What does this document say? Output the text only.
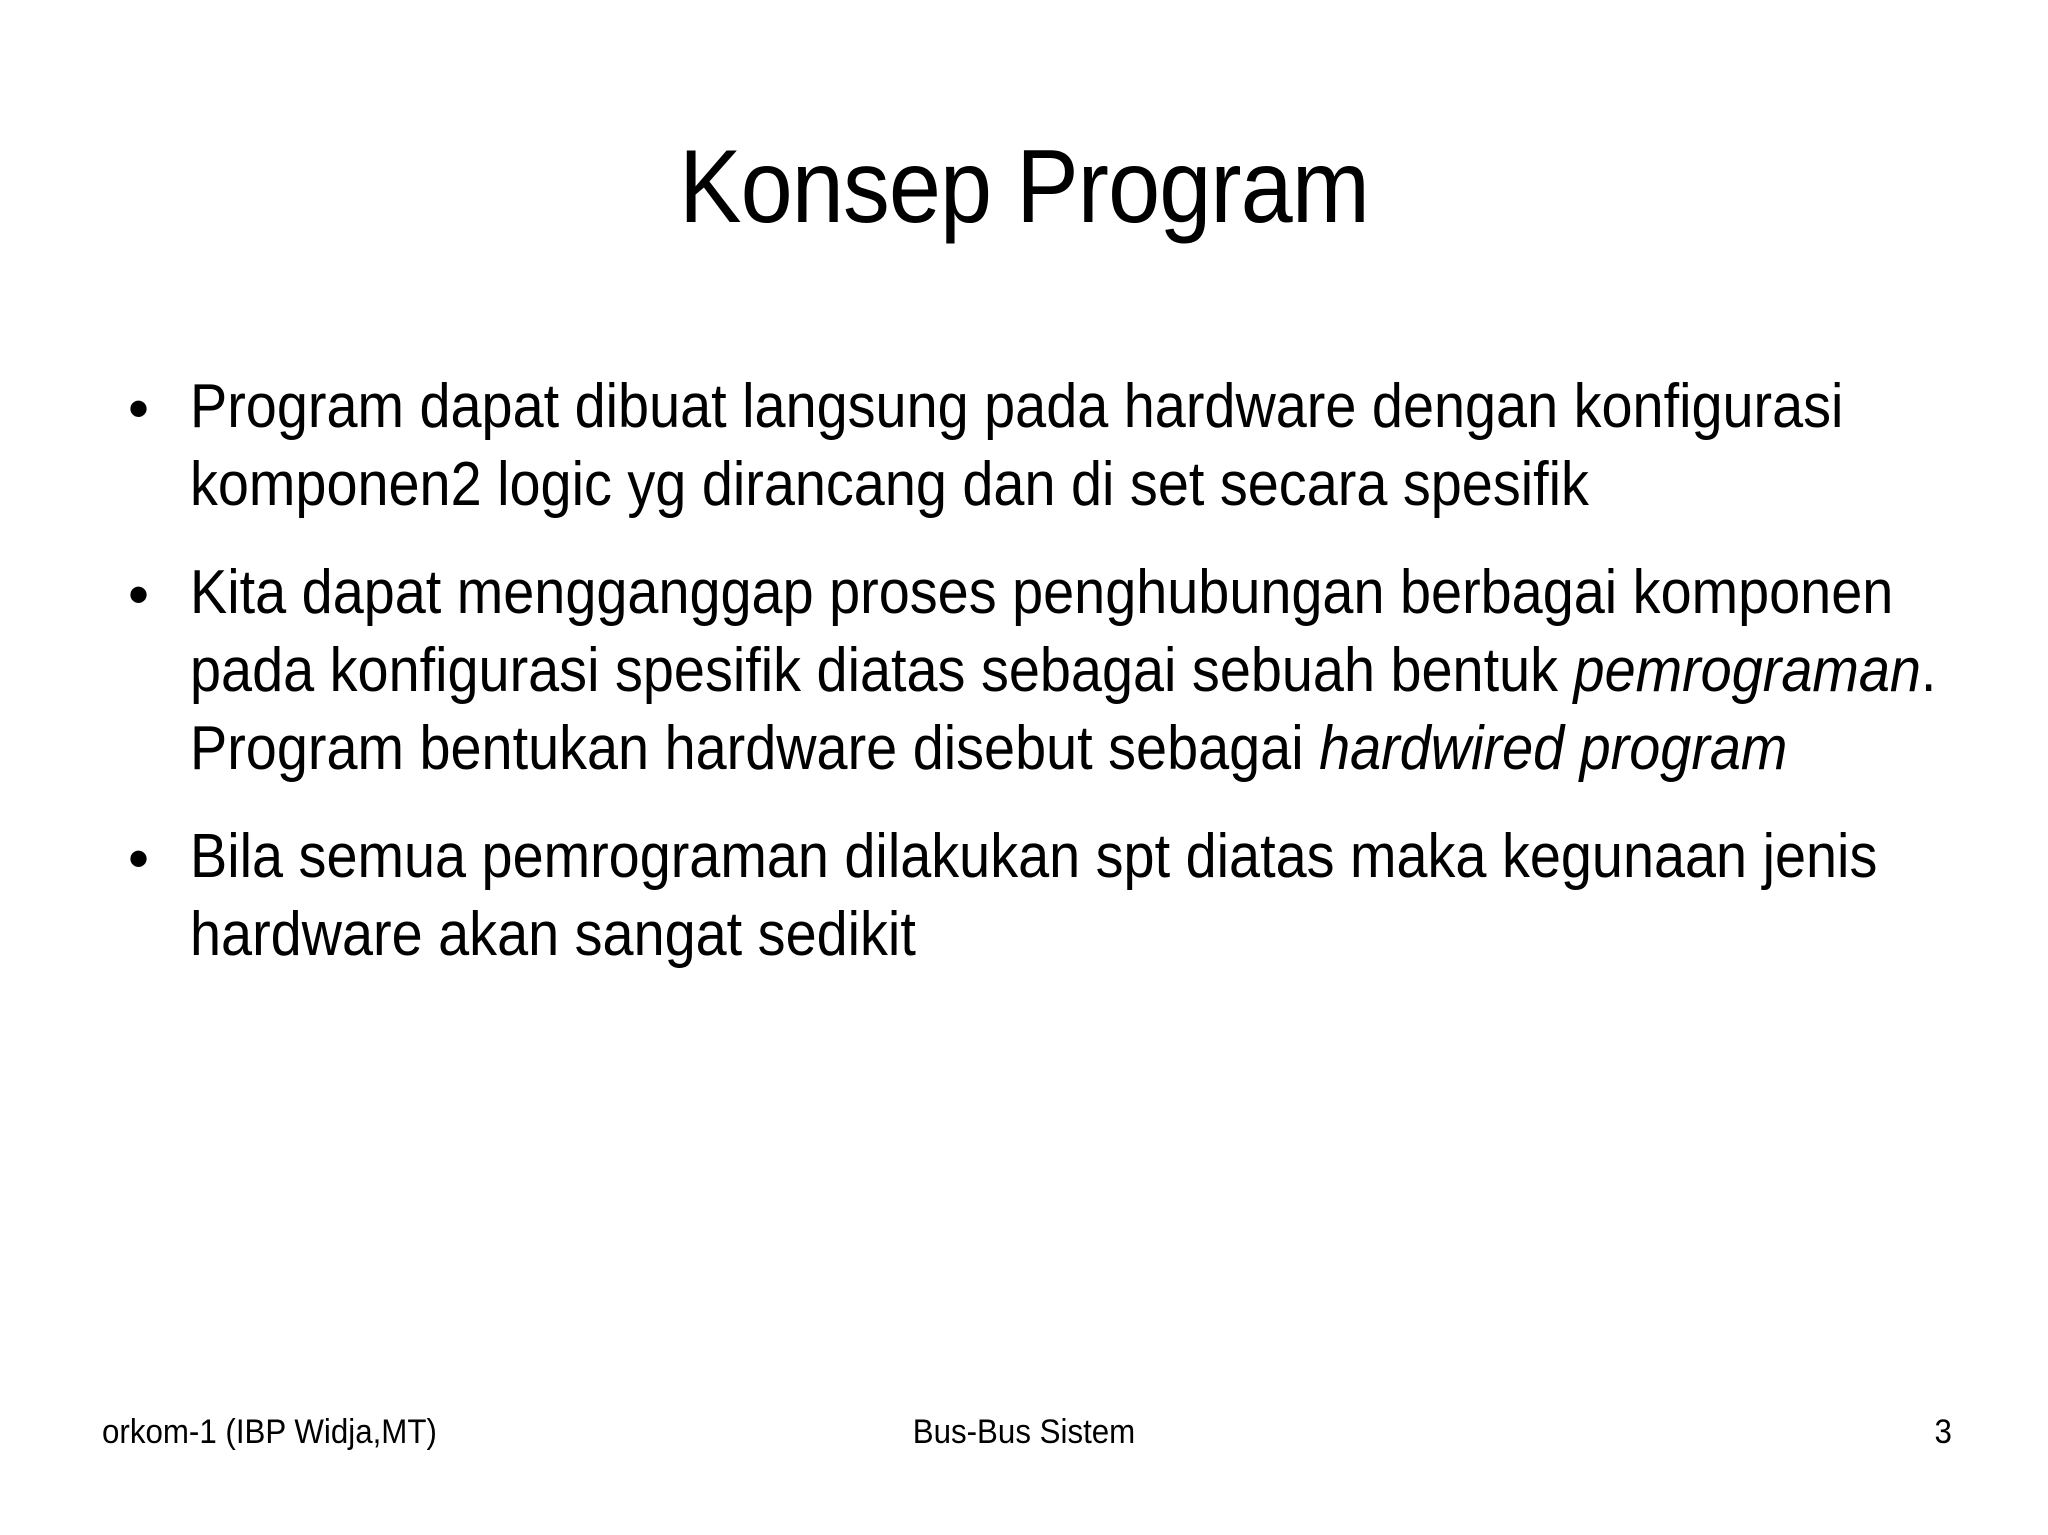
Konsep Program
• Program dapat dibuat langsung pada hardware dengan konfigurasi
komponen2 logic yg dirancang dan di set secara spesifik
• Kita dapat mengganggap proses penghubungan berbagai komponen
pada konfigurasi spesifik diatas sebagai sebuah bentuk pemrograman.
Program bentukan hardware disebut sebagai hardwired program
• Bila semua pemrograman dilakukan spt diatas maka kegunaan jenis
hardware akan sangat sedikit
orkom-1 (IBP Widja,MT)	Bus-Bus Sistem	3
